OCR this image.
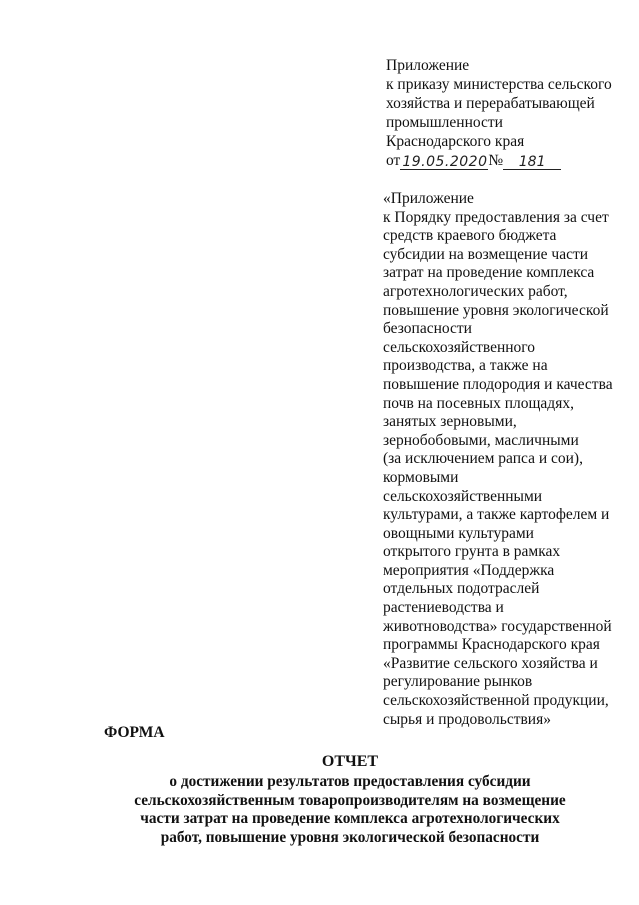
Приложение
к приказу министерства сельского
хозяйства и перерабатывающей
промышленности
Краснодарского края
от 19.05.2020 №	181
«Приложение
к Порядку предоставления за счет
средств краевого бюджета
субсидии на возмещение части
затрат на проведение комплекса
агротехнологических работ,
повышение уровня экологической
безопасности
сельскохозяйственного
производства, а также на
повышение плодородия и качества
почв на посевных площадях,
занятых зерновыми,
зернобобовыми, масличными
(за исключением рапса и сои),
кормовыми
сельскохозяйственными
культурами, а также картофелем и
овощными культурами
открытого грунта в рамках
мероприятия «Поддержка
отдельных подотраслей
растениеводства и
животноводства» государственной
программы Краснодарского края
«Развитие сельского хозяйства и
регулирование рынков
сельскохозяйственной продукции,
сырья и продовольствия»
ФОРМА
ОТЧЕТ
о достижении результатов предоставления субсидии
сельскохозяйственным товаропроизводителям на возмещение
части затрат на проведение комплекса агротехнологических
работ, повышение уровня экологической безопасности
